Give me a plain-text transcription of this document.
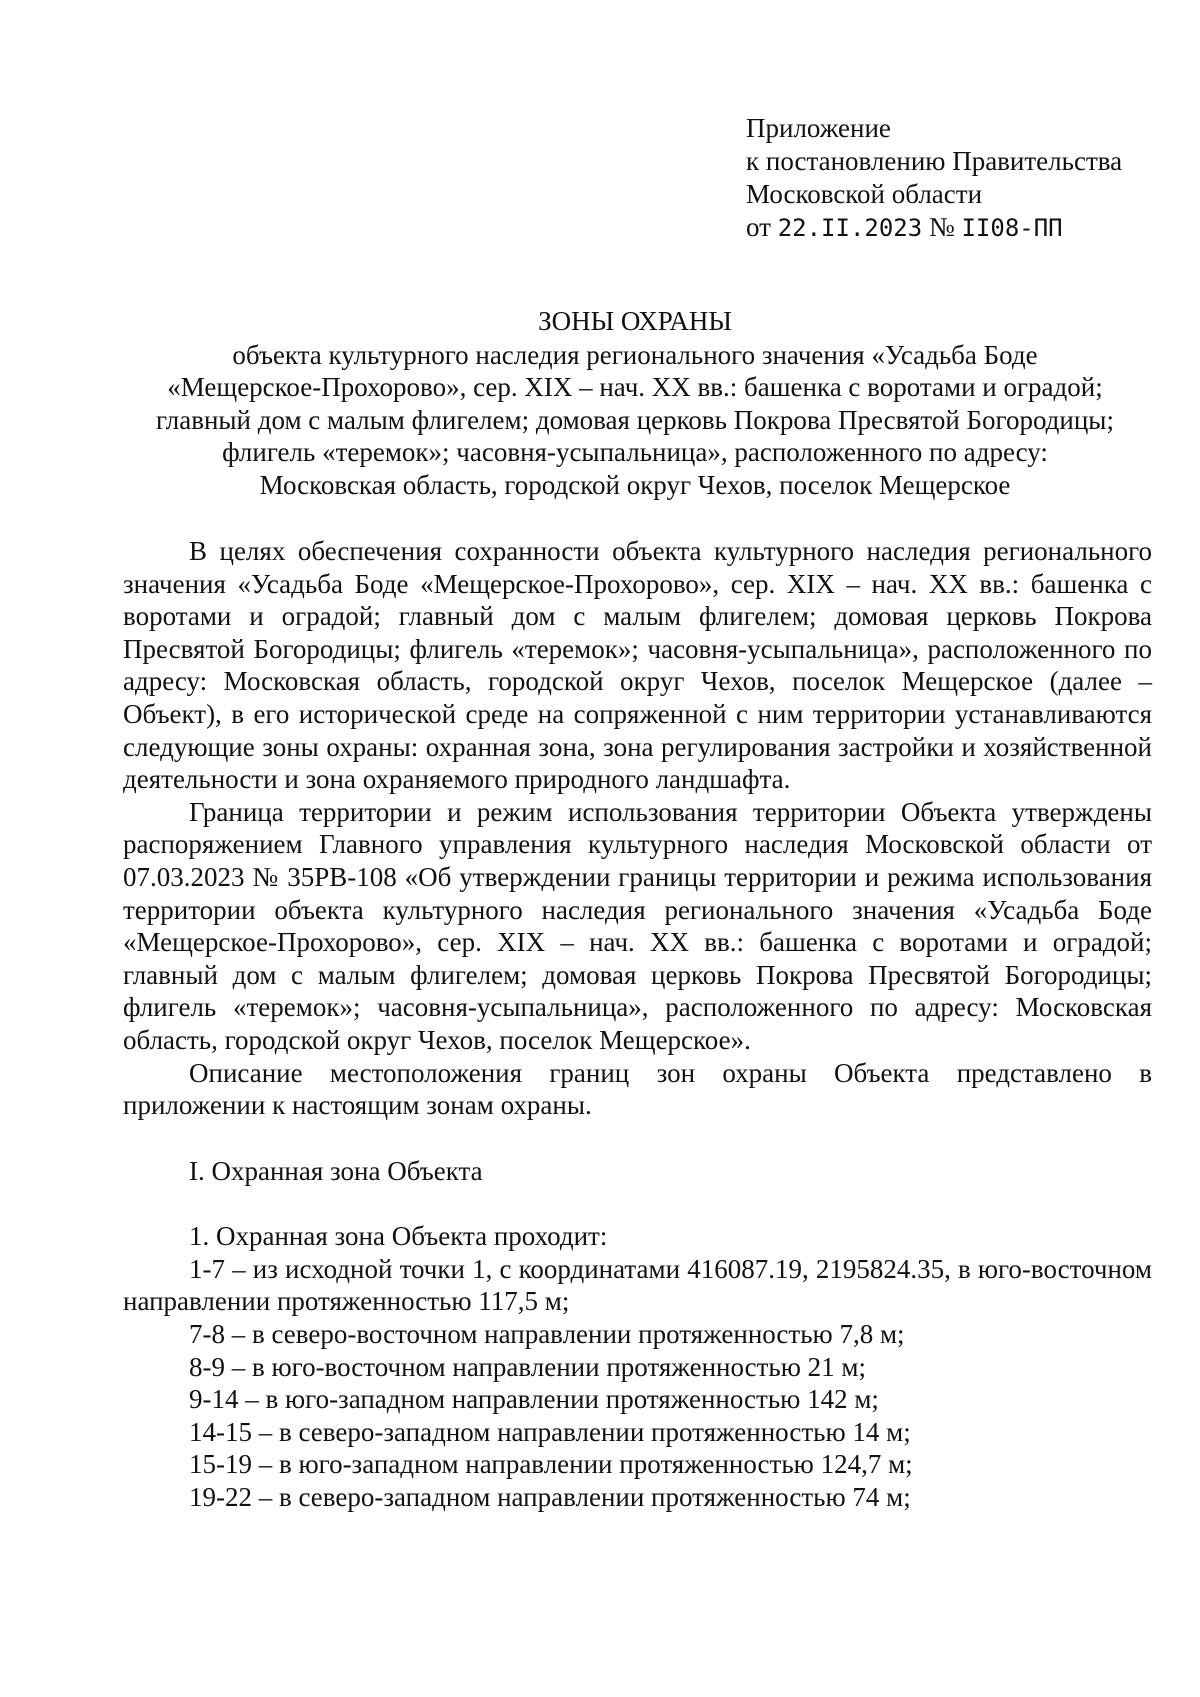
Приложение
к постановлению Правительства
Московской области
от 22.II.2023 № II08-ПП
ЗОНЫ ОХРАНЫ
объекта культурного наследия регионального значения «Усадьба Боде
«Мещерское-Прохорово», сер. XIX – нач. XX вв.: башенка с воротами и оградой;
главный дом с малым флигелем; домовая церковь Покрова Пресвятой Богородицы;
флигель «теремок»; часовня-усыпальница», расположенного по адресу:
Московская область, городской округ Чехов, поселок Мещерское

В целях обеспечения сохранности объекта культурного наследия регионального значения «Усадьба Боде «Мещерское-Прохорово», сер. XIX – нач. XX вв.: башенка с воротами и оградой; главный дом с малым флигелем; домовая церковь Покрова Пресвятой Богородицы; флигель «теремок»; часовня-усыпальница», расположенного по адресу: Московская область, городской округ Чехов, поселок Мещерское (далее – Объект), в его исторической среде на сопряженной с ним территории устанавливаются следующие зоны охраны: охранная зона, зона регулирования застройки и хозяйственной деятельности и зона охраняемого природного ландшафта.

Граница территории и режим использования территории Объекта утверждены распоряжением Главного управления культурного наследия Московской области от 07.03.2023 № 35РВ-108 «Об утверждении границы территории и режима использования территории объекта культурного наследия регионального значения «Усадьба Боде «Мещерское-Прохорово», сер. XIX – нач. XX вв.: башенка с воротами и оградой; главный дом с малым флигелем; домовая церковь Покрова Пресвятой Богородицы; флигель «теремок»; часовня-усыпальница», расположенного по адресу: Московская область, городской округ Чехов, поселок Мещерское».

Описание местоположения границ зон охраны Объекта представлено в приложении к настоящим зонам охраны.

I. Охранная зона Объекта
1. Охранная зона Объекта проходит:

1-7 – из исходной точки 1, с координатами 416087.19, 2195824.35, в юго-восточном направлении протяженностью 117,5 м;

7-8 – в северо-восточном направлении протяженностью 7,8 м;

8-9 – в юго-восточном направлении протяженностью 21 м;

9-14 – в юго-западном направлении протяженностью 142 м;

14-15 – в северо-западном направлении протяженностью 14 м;

15-19 – в юго-западном направлении протяженностью 124,7 м;

19-22 – в северо-западном направлении протяженностью 74 м;
